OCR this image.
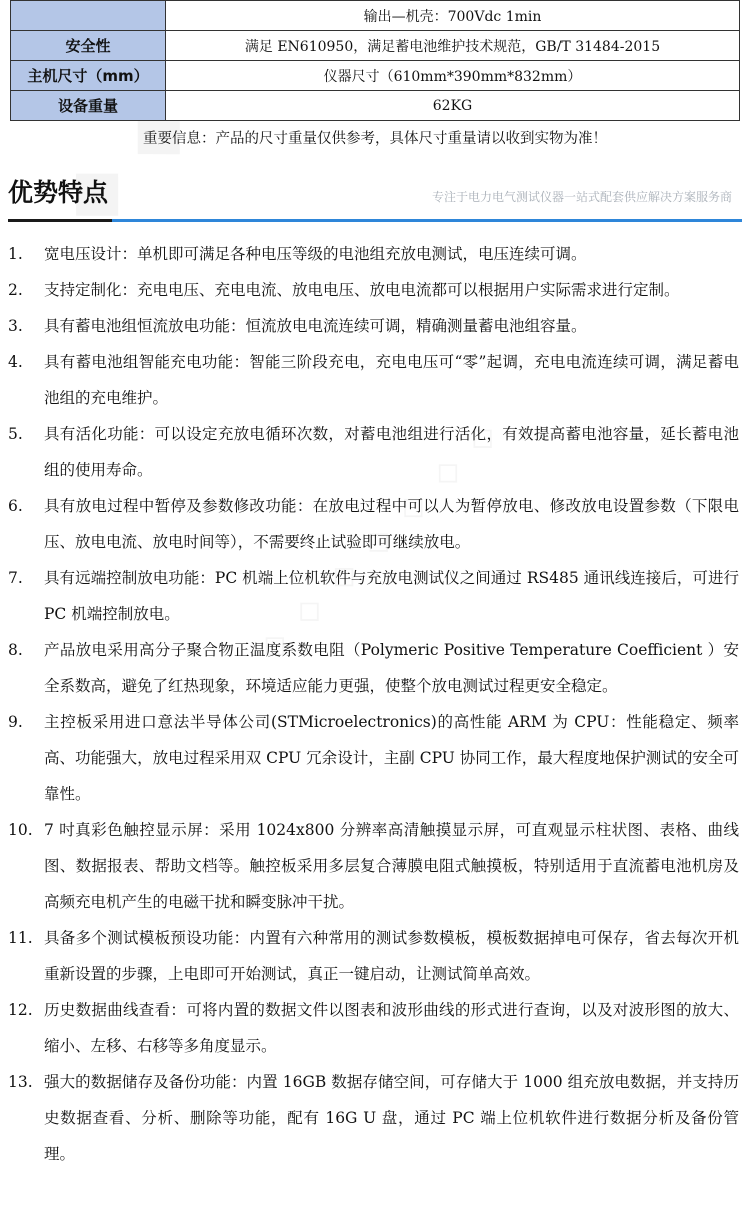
	输出—机壳：700Vdc 1min
安全性	满足 EN610950，满足蓄电池维护技术规范，GB/T 31484-2015
主机尺寸（mm）	仪器尺寸（610mm*390mm*832mm）
设备重量	62KG
重要信息：产品的尺寸重量仅供参考，具体尺寸重量请以收到实物为准！
优势特点	专注于电力电气测试仪器一站式配套供应解决方案服务商
1. 宽电压设计：单机即可满足各种电压等级的电池组充放电测试，电压连续可调。
2. 支持定制化：充电电压、充电电流、放电电压、放电电流都可以根据用户实际需求进行定制。
3. 具有蓄电池组恒流放电功能：恒流放电电流连续可调，精确测量蓄电池组容量。
4. 具有蓄电池组智能充电功能：智能三阶段充电，充电电压可“零”起调，充电电流连续可调，满足蓄电池组的充电维护。
5. 具有活化功能：可以设定充放电循环次数，对蓄电池组进行活化，有效提高蓄电池容量，延长蓄电池组的使用寿命。
6. 具有放电过程中暂停及参数修改功能：在放电过程中可以人为暂停放电、修改放电设置参数（下限电压、放电电流、放电时间等），不需要终止试验即可继续放电。
7. 具有远端控制放电功能：PC 机端上位机软件与充放电测试仪之间通过 RS485 通讯线连接后，可进行 PC 机端控制放电。
8. 产品放电采用高分子聚合物正温度系数电阻（Polymeric Positive Temperature Coefficient ）安全系数高，避免了红热现象，环境适应能力更强，使整个放电测试过程更安全稳定。
9. 主控板采用进口意法半导体公司(STMicroelectronics)的高性能 ARM 为 CPU：性能稳定、频率高、功能强大，放电过程采用双 CPU 冗余设计，主副 CPU 协同工作，最大程度地保护测试的安全可靠性。
10. 7 吋真彩色触控显示屏：采用 1024x800 分辨率高清触摸显示屏，可直观显示柱状图、表格、曲线图、数据报表、帮助文档等。触控板采用多层复合薄膜电阻式触摸板，特别适用于直流蓄电池机房及高频充电机产生的电磁干扰和瞬变脉冲干扰。
11. 具备多个测试模板预设功能：内置有六种常用的测试参数模板，模板数据掉电可保存，省去每次开机重新设置的步骤，上电即可开始测试，真正一键启动，让测试简单高效。
12. 历史数据曲线查看：可将内置的数据文件以图表和波形曲线的形式进行查询，以及对波形图的放大、缩小、左移、右移等多角度显示。
13. 强大的数据储存及备份功能：内置 16GB 数据存储空间，可存储大于 1000 组充放电数据，并支持历史数据查看、分析、删除等功能，配有 16G U 盘，通过 PC 端上位机软件进行数据分析及备份管理。
